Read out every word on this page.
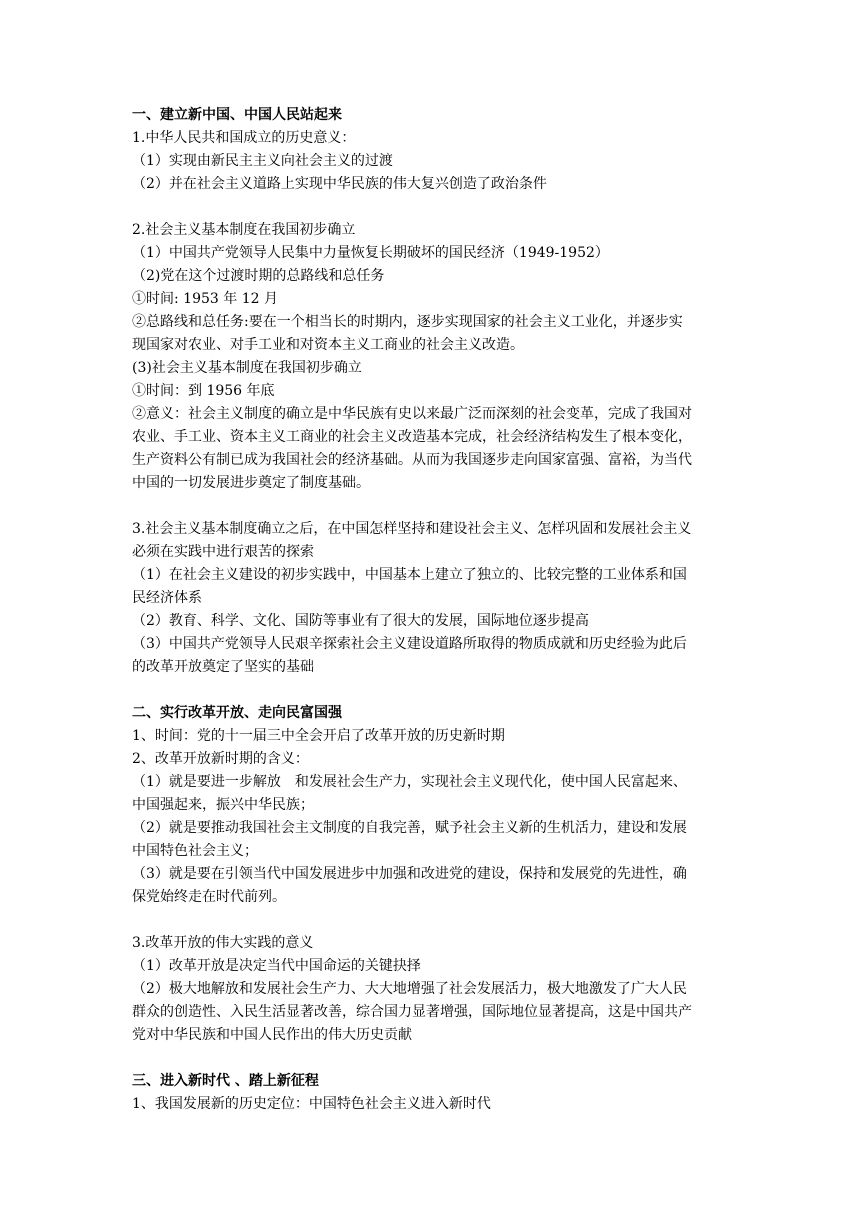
一、建立新中国、中国人民站起来
1.中华人民共和国成立的历史意义：
（1）实现由新民主主义向社会主义的过渡
（2）并在社会主义道路上实现中华民族的伟大复兴创造了政治条件
2.社会主义基本制度在我国初步确立
（1）中国共产党领导人民集中力量恢复长期破坏的国民经济（1949-1952）
（2)党在这个过渡时期的总路线和总任务
①时间: 1953 年 12 月
②总路线和总任务:要在一个相当长的时期内，逐步实现国家的社会主义工业化，并逐步实
现国家对农业、对手工业和对资本主义工商业的社会主义改造。
(3)社会主义基本制度在我国初步确立
①时间：到 1956 年底
②意义：社会主义制度的确立是中华民族有史以来最广泛而深刻的社会变革，完成了我国对
农业、手工业、资本主义工商业的社会主义改造基本完成，社会经济结构发生了根本变化，
生产资料公有制已成为我国社会的经济基础。从而为我国逐步走向国家富强、富裕，为当代
中国的一切发展进步奠定了制度基础。
3.社会主义基本制度确立之后，在中国怎样坚持和建设社会主义、怎样巩固和发展社会主义
必须在实践中进行艰苦的探索
（1）在社会主义建设的初步实践中，中国基本上建立了独立的、比较完整的工业体系和国
民经济体系
（2）教育、科学、文化、国防等事业有了很大的发展，国际地位逐步提高
（3）中国共产党领导人民艰辛探索社会主义建设道路所取得的物质成就和历史经验为此后
的改革开放奠定了坚实的基础
二、实行改革开放、走向民富国强
1、时间：党的十一届三中全会开启了改革开放的历史新时期
2、改革开放新时期的含义：
（1）就是要进一步解放　和发展社会生产力，实现社会主义现代化，使中国人民富起来、
中国强起来，振兴中华民族；
（2）就是要推动我国社会主文制度的自我完善，赋予社会主义新的生机活力，建设和发展
中国特色社会主义；
（3）就是要在引领当代中国发展进步中加强和改进党的建设，保持和发展党的先进性，确
保党始终走在时代前列。
3.改革开放的伟大实践的意义
（1）改革开放是决定当代中国命运的关键抉择
（2）极大地解放和发展社会生产力、大大地增强了社会发展活力，极大地激发了广大人民
群众的创造性、入民生活显著改善，综合国力显著增强，国际地位显著提高，这是中国共产
党对中华民族和中国人民作出的伟大历史贡献
三、进入新时代 、踏上新征程
1、我国发展新的历史定位：中国特色社会主义进入新时代
